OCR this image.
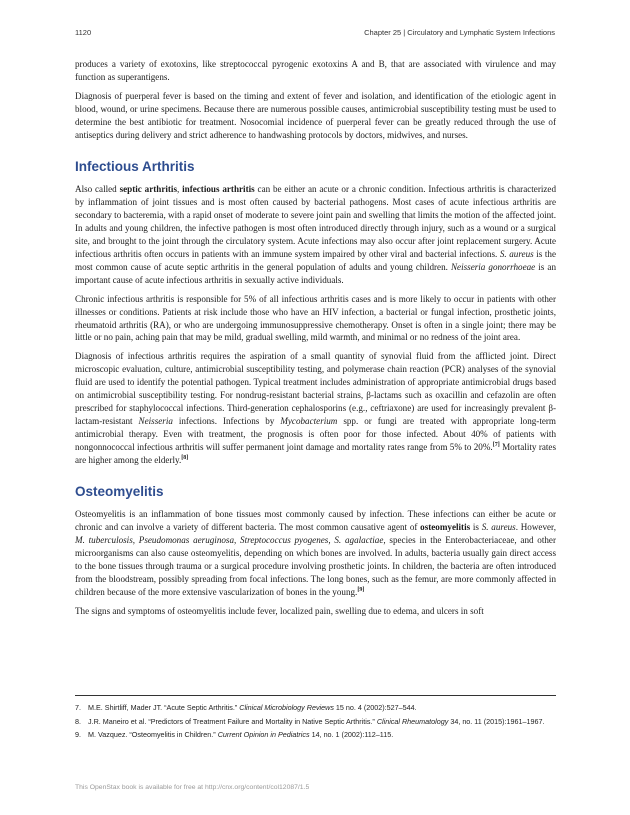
1120	Chapter 25 | Circulatory and Lymphatic System Infections

produces a variety of exotoxins, like streptococcal pyrogenic exotoxins A and B, that are associated with virulence and may function as superantigens.

Diagnosis of puerperal fever is based on the timing and extent of fever and isolation, and identification of the etiologic agent in blood, wound, or urine specimens. Because there are numerous possible causes, antimicrobial susceptibility testing must be used to determine the best antibiotic for treatment. Nosocomial incidence of puerperal fever can be greatly reduced through the use of antiseptics during delivery and strict adherence to handwashing protocols by doctors, midwives, and nurses.

Infectious Arthritis

Also called septic arthritis, infectious arthritis can be either an acute or a chronic condition. Infectious arthritis is characterized by inflammation of joint tissues and is most often caused by bacterial pathogens. Most cases of acute infectious arthritis are secondary to bacteremia, with a rapid onset of moderate to severe joint pain and swelling that limits the motion of the affected joint. In adults and young children, the infective pathogen is most often introduced directly through injury, such as a wound or a surgical site, and brought to the joint through the circulatory system. Acute infections may also occur after joint replacement surgery. Acute infectious arthritis often occurs in patients with an immune system impaired by other viral and bacterial infections. S. aureus is the most common cause of acute septic arthritis in the general population of adults and young children. Neisseria gonorrhoeae is an important cause of acute infectious arthritis in sexually active individuals.

Chronic infectious arthritis is responsible for 5% of all infectious arthritis cases and is more likely to occur in patients with other illnesses or conditions. Patients at risk include those who have an HIV infection, a bacterial or fungal infection, prosthetic joints, rheumatoid arthritis (RA), or who are undergoing immunosuppressive chemotherapy. Onset is often in a single joint; there may be little or no pain, aching pain that may be mild, gradual swelling, mild warmth, and minimal or no redness of the joint area.

Diagnosis of infectious arthritis requires the aspiration of a small quantity of synovial fluid from the afflicted joint. Direct microscopic evaluation, culture, antimicrobial susceptibility testing, and polymerase chain reaction (PCR) analyses of the synovial fluid are used to identify the potential pathogen. Typical treatment includes administration of appropriate antimicrobial drugs based on antimicrobial susceptibility testing. For nondrug-resistant bacterial strains, β-lactams such as oxacillin and cefazolin are often prescribed for staphylococcal infections. Third-generation cephalosporins (e.g., ceftriaxone) are used for increasingly prevalent β-lactam-resistant Neisseria infections. Infections by Mycobacterium spp. or fungi are treated with appropriate long-term antimicrobial therapy. Even with treatment, the prognosis is often poor for those infected. About 40% of patients with nongonnococcal infectious arthritis will suffer permanent joint damage and mortality rates range from 5% to 20%.[7] Mortality rates are higher among the elderly.[8]

Osteomyelitis

Osteomyelitis is an inflammation of bone tissues most commonly caused by infection. These infections can either be acute or chronic and can involve a variety of different bacteria. The most common causative agent of osteomyelitis is S. aureus. However, M. tuberculosis, Pseudomonas aeruginosa, Streptococcus pyogenes, S. agalactiae, species in the Enterobacteriaceae, and other microorganisms can also cause osteomyelitis, depending on which bones are involved. In adults, bacteria usually gain direct access to the bone tissues through trauma or a surgical procedure involving prosthetic joints. In children, the bacteria are often introduced from the bloodstream, possibly spreading from focal infections. The long bones, such as the femur, are more commonly affected in children because of the more extensive vascularization of bones in the young.[9]

The signs and symptoms of osteomyelitis include fever, localized pain, swelling due to edema, and ulcers in soft

7. M.E. Shirtliff, Mader JT. “Acute Septic Arthritis.” Clinical Microbiology Reviews 15 no. 4 (2002):527–544.

8. J.R. Maneiro et al. “Predictors of Treatment Failure and Mortality in Native Septic Arthritis.” Clinical Rheumatology 34, no. 11 (2015):1961–1967.

9. M. Vazquez. “Osteomyelitis in Children.” Current Opinion in Pediatrics 14, no. 1 (2002):112–115.

This OpenStax book is available for free at http://cnx.org/content/col12087/1.5
